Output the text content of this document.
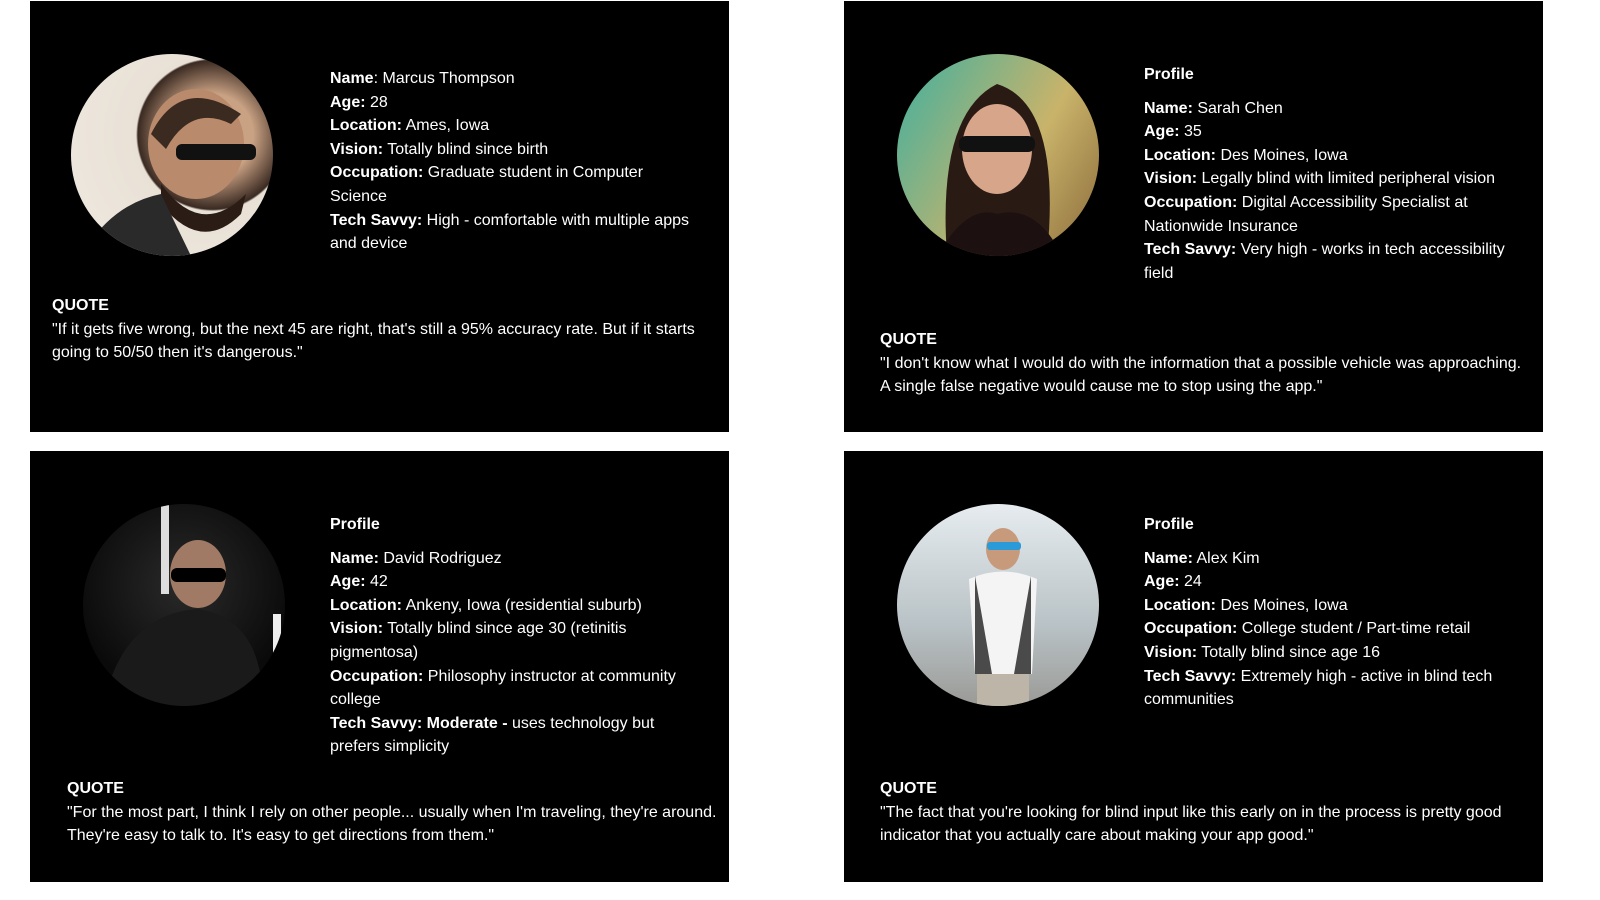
Name: Marcus Thompson
Age: 28
Location: Ames, Iowa
Vision: Totally blind since birth
Occupation: Graduate student in Computer Science
Tech Savvy: High - comfortable with multiple apps and device
QUOTE
"If it gets five wrong, but the next 45 are right, that's still a 95% accuracy rate. But if it starts going to 50/50 then it's dangerous."
Profile
Name: Sarah Chen
Age: 35
Location: Des Moines, Iowa
Vision: Legally blind with limited peripheral vision
Occupation: Digital Accessibility Specialist at Nationwide Insurance
Tech Savvy: Very high - works in tech accessibility field
QUOTE
"I don't know what I would do with the information that a possible vehicle was approaching. A single false negative would cause me to stop using the app."
Profile
Name: David Rodriguez
Age: 42
Location: Ankeny, Iowa (residential suburb)
Vision: Totally blind since age 30 (retinitis pigmentosa)
Occupation: Philosophy instructor at community college
Tech Savvy: Moderate - uses technology but prefers simplicity
QUOTE
"For the most part, I think I rely on other people... usually when I'm traveling, they're around. They're easy to talk to. It's easy to get directions from them."
Profile
Name: Alex Kim
Age: 24
Location: Des Moines, Iowa
Occupation: College student / Part-time retail
Vision: Totally blind since age 16
Tech Savvy: Extremely high - active in blind tech communities
QUOTE
"The fact that you're looking for blind input like this early on in the process is pretty good indicator that you actually care about making your app good."
